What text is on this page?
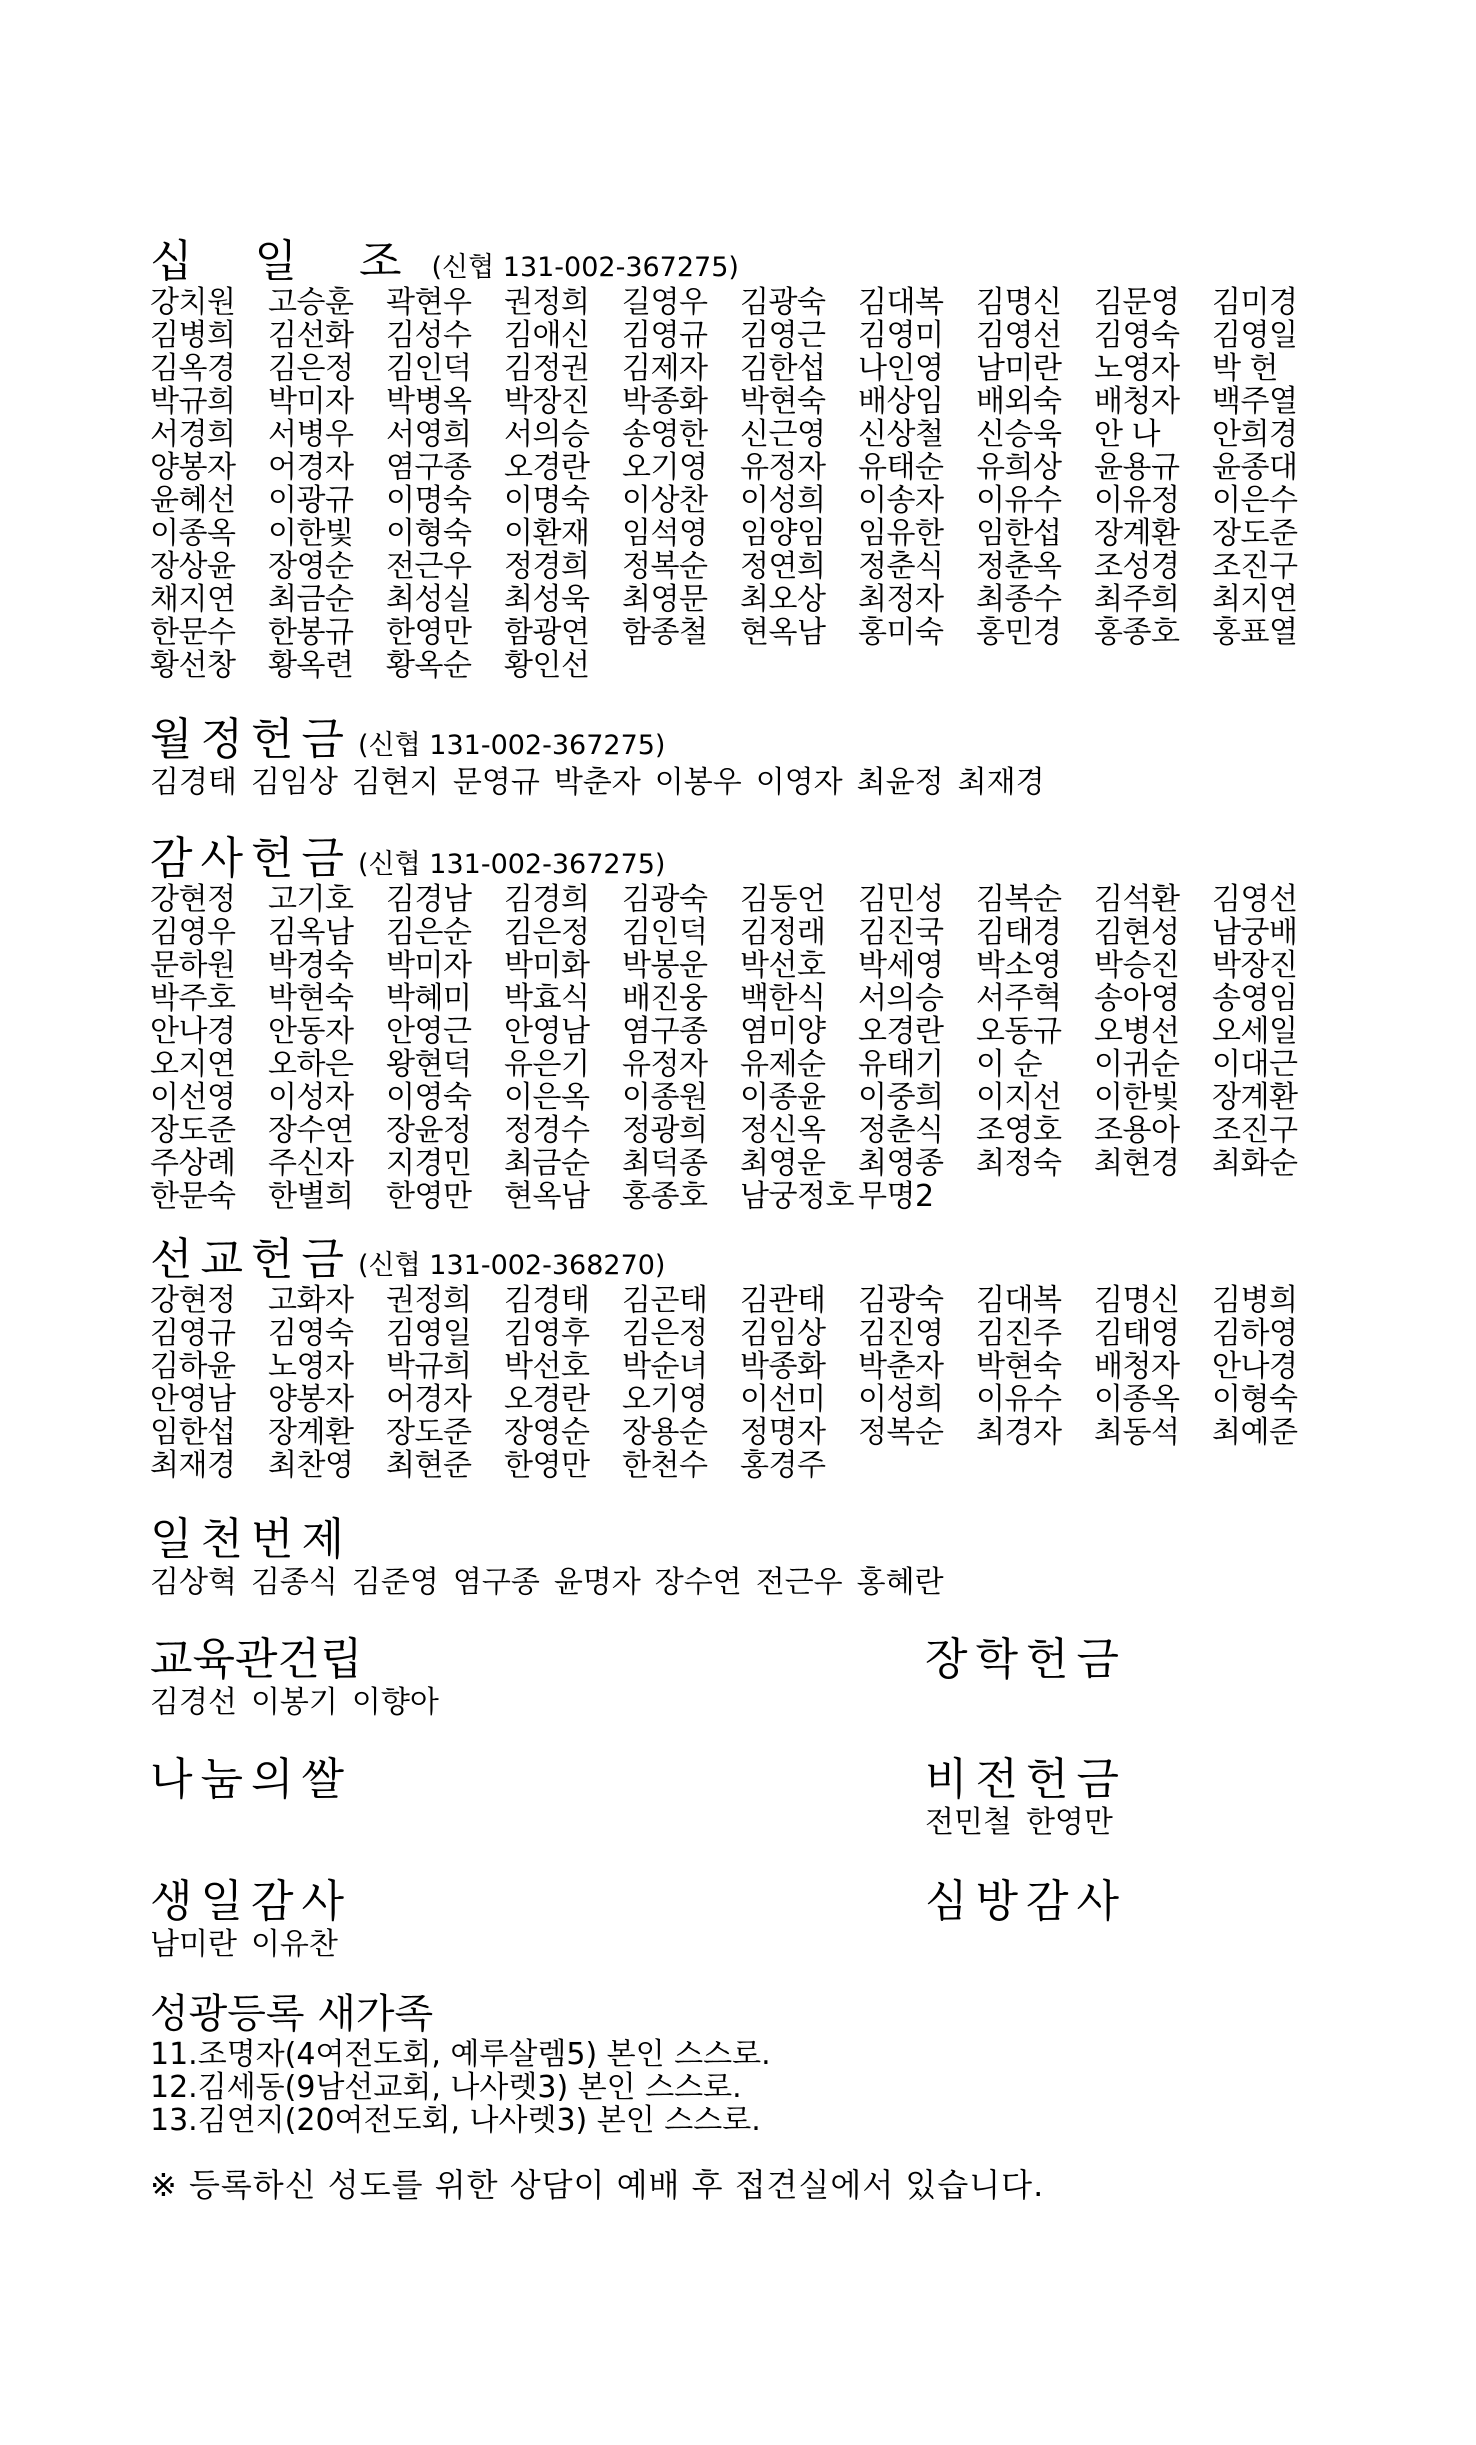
십 일 조 (신협 131-002-367275)
강치원	고승훈	곽현우	권정희	길영우	김광숙	김대복	김명신	김문영	김미경
김병희	김선화	김성수	김애신	김영규	김영근	김영미	김영선	김영숙	김영일
김옥경	김은정	김인덕	김정권	김제자	김한섭	나인영	남미란	노영자	박 헌
박규희	박미자	박병옥	박장진	박종화	박현숙	배상임	배외숙	배청자	백주열
서경희	서병우	서영희	서의승	송영한	신근영	신상철	신승욱	안 나	안희경
양봉자	어경자	염구종	오경란	오기영	유정자	유태순	유희상	윤용규	윤종대
윤혜선	이광규	이명숙	이명숙	이상찬	이성희	이송자	이유수	이유정	이은수
이종옥	이한빛	이형숙	이환재	임석영	임양임	임유한	임한섭	장계환	장도준
장상윤	장영순	전근우	정경희	정복순	정연희	정춘식	정춘옥	조성경	조진구
채지연	최금순	최성실	최성욱	최영문	최오상	최정자	최종수	최주희	최지연
한문수	한봉규	한영만	함광연	함종철	현옥남	홍미숙	홍민경	홍종호	홍표열
황선창	황옥련	황옥순	황인선
월정헌금 (신협 131-002-367275)
김경태 김임상 김현지 문영규 박춘자 이봉우 이영자 최윤정 최재경
감사헌금 (신협 131-002-367275)
강현정	고기호	김경남	김경희	김광숙	김동언	김민성	김복순	김석환	김영선
김영우	김옥남	김은순	김은정	김인덕	김정래	김진국	김태경	김현성	남궁배
문하원	박경숙	박미자	박미화	박봉운	박선호	박세영	박소영	박승진	박장진
박주호	박현숙	박혜미	박효식	배진웅	백한식	서의승	서주혁	송아영	송영임
안나경	안동자	안영근	안영남	염구종	염미양	오경란	오동규	오병선	오세일
오지연	오하은	왕현덕	유은기	유정자	유제순	유태기	이 순	이귀순	이대근
이선영	이성자	이영숙	이은옥	이종원	이종윤	이중희	이지선	이한빛	장계환
장도준	장수연	장윤정	정경수	정광희	정신옥	정춘식	조영호	조용아	조진구
주상례	주신자	지경민	최금순	최덕종	최영운	최영종	최정숙	최현경	최화순
한문숙	한별희	한영만	현옥남	홍종호	남궁정호 무명2
선교헌금 (신협 131-002-368270)
강현정	고화자	권정희	김경태	김곤태	김관태	김광숙	김대복	김명신	김병희
김영규	김영숙	김영일	김영후	김은정	김임상	김진영	김진주	김태영	김하영
김하윤	노영자	박규희	박선호	박순녀	박종화	박춘자	박현숙	배청자	안나경
안영남	양봉자	어경자	오경란	오기영	이선미	이성희	이유수	이종옥	이형숙
임한섭	장계환	장도준	장영순	장용순	정명자	정복순	최경자	최동석	최예준
최재경	최찬영	최현준	한영만	한천수	홍경주
일천번제
김상혁 김종식 김준영 염구종 윤명자 장수연 전근우 홍혜란
교육관건립
김경선 이봉기 이향아
장학헌금
나눔의쌀	비전헌금
전민철 한영만
생일감사
남미란 이유찬
심방감사
성광등록 새가족
11.조명자(4여전도회, 예루살렘5) 본인 스스로.
12.김세동(9남선교회, 나사렛3) 본인 스스로.
13.김연지(20여전도회, 나사렛3) 본인 스스로.
※ 등록하신 성도를 위한 상담이 예배 후 접견실에서 있습니다.
